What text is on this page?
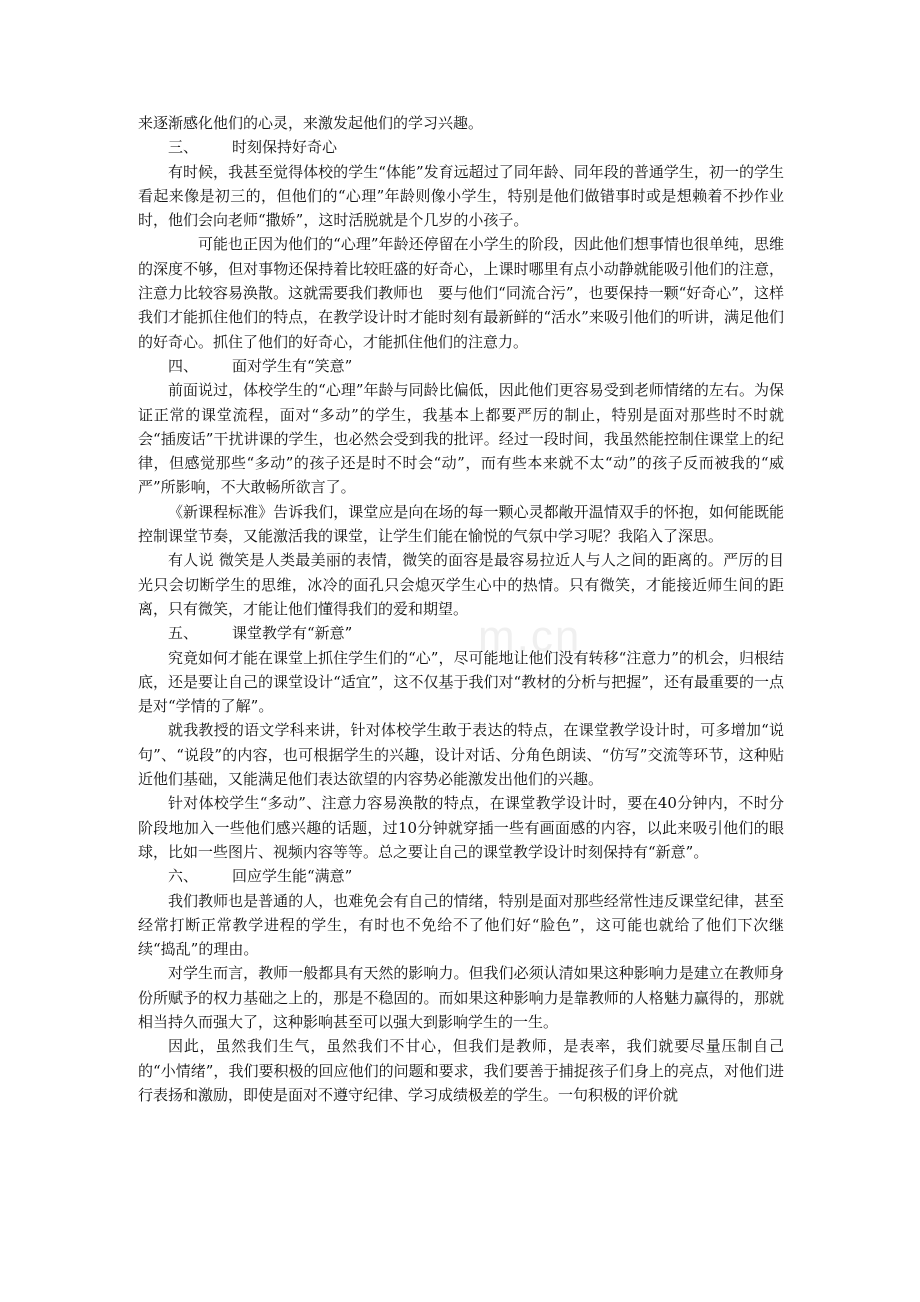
m.cn

来逐渐感化他们的心灵，来激发起他们的学习兴趣。

三、 时刻保持好奇心

有时候，我甚至觉得体校的学生“体能”发育远超过了同年龄、同年段的普通学生，初一的学生看起来像是初三的，但他们的“心理”年龄则像小学生，特别是他们做错事时或是想赖着不抄作业时，他们会向老师“撒娇”，这时活脱就是个几岁的小孩子。

可能也正因为他们的“心理”年龄还停留在小学生的阶段，因此他们想事情也很单纯，思维的深度不够，但对事物还保持着比较旺盛的好奇心，上课时哪里有点小动静就能吸引他们的注意，注意力比较容易涣散。这就需要我们教师也　要与他们“同流合污”，也要保持一颗“好奇心”，这样我们才能抓住他们的特点，在教学设计时才能时刻有最新鲜的“活水”来吸引他们的听讲，满足他们的好奇心。抓住了他们的好奇心，才能抓住他们的注意力。

四、 面对学生有“笑意”

前面说过，体校学生的“心理”年龄与同龄比偏低，因此他们更容易受到老师情绪的左右。为保证正常的课堂流程，面对“多动”的学生，我基本上都要严厉的制止，特别是面对那些时不时就会“插废话”干扰讲课的学生，也必然会受到我的批评。经过一段时间，我虽然能控制住课堂上的纪律，但感觉那些“多动”的孩子还是时不时会“动”，而有些本来就不太“动”的孩子反而被我的“威严”所影响，不大敢畅所欲言了。

《新课程标准》告诉我们，课堂应是向在场的每一颗心灵都敞开温情双手的怀抱，如何能既能控制课堂节奏，又能激活我的课堂，让学生们能在愉悦的气氛中学习呢？我陷入了深思。

有人说 微笑是人类最美丽的表情，微笑的面容是最容易拉近人与人之间的距离的。严厉的目光只会切断学生的思维，冰冷的面孔只会熄灭学生心中的热情。只有微笑，才能接近师生间的距离，只有微笑，才能让他们懂得我们的爱和期望。

五、 课堂教学有“新意”

究竟如何才能在课堂上抓住学生们的“心”，尽可能地让他们没有转移“注意力”的机会，归根结底，还是要让自己的课堂设计“适宜”，这不仅基于我们对“教材的分析与把握”，还有最重要的一点是对“学情的了解”。

就我教授的语文学科来讲，针对体校学生敢于表达的特点，在课堂教学设计时，可多增加“说句”、“说段”的内容，也可根据学生的兴趣，设计对话、分角色朗读、“仿写”交流等环节，这种贴近他们基础，又能满足他们表达欲望的内容势必能激发出他们的兴趣。

针对体校学生“多动”、注意力容易涣散的特点，在课堂教学设计时，要在40分钟内，不时分阶段地加入一些他们感兴趣的话题，过10分钟就穿插一些有画面感的内容，以此来吸引他们的眼球，比如一些图片、视频内容等等。总之要让自己的课堂教学设计时刻保持有“新意”。

六、 回应学生能“满意”

我们教师也是普通的人，也难免会有自己的情绪，特别是面对那些经常性违反课堂纪律，甚至经常打断正常教学进程的学生，有时也不免给不了他们好“脸色”，这可能也就给了他们下次继续“捣乱”的理由。

对学生而言，教师一般都具有天然的影响力。但我们必须认清如果这种影响力是建立在教师身份所赋予的权力基础之上的，那是不稳固的。而如果这种影响力是靠教师的人格魅力赢得的，那就相当持久而强大了，这种影响甚至可以强大到影响学生的一生。

因此，虽然我们生气，虽然我们不甘心，但我们是教师，是表率，我们就要尽量压制自己的“小情绪”，我们要积极的回应他们的问题和要求，我们要善于捕捉孩子们身上的亮点，对他们进行表扬和激励，即使是面对不遵守纪律、学习成绩极差的学生。一句积极的评价就
